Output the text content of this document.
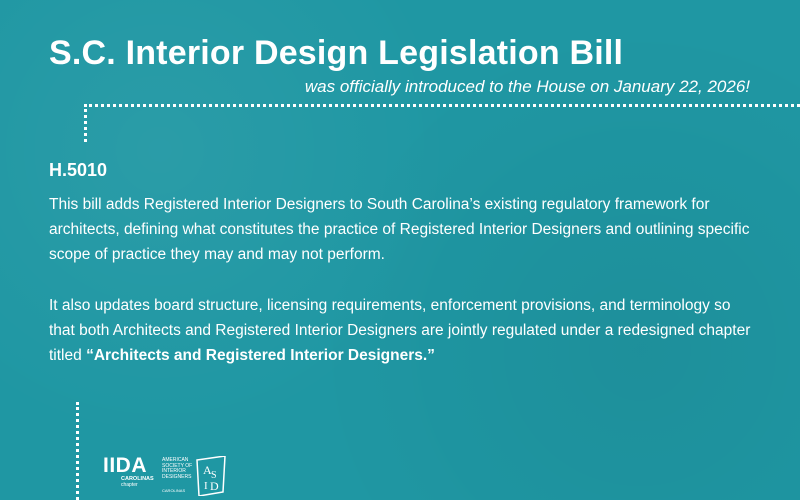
S.C. Interior Design Legislation Bill
was officially introduced to the House on January 22, 2026!
H.5010

This bill adds Registered Interior Designers to South Carolina’s existing regulatory framework for architects, defining what constitutes the practice of Registered Interior Designers and outlining specific scope of practice they may and may not perform.

It also updates board structure, licensing requirements, enforcement provisions, and terminology so that both Architects and Registered Interior Designers are jointly regulated under a redesigned chapter titled “Architects and Registered Interior Designers.”

IIDA
CAROLINAS
chapter
AMERICAN SOCIETY OF INTERIOR DESIGNERS
CAROLINAS
A S
I D
